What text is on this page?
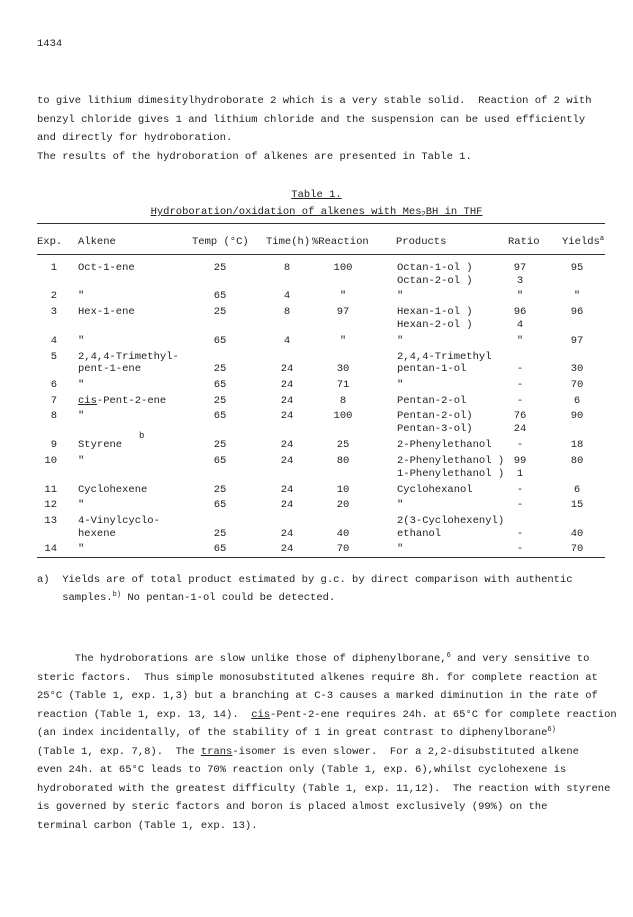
1434
to give lithium dimesitylhydroborate 2 which is a very stable solid.  Reaction of 2 with
benzyl chloride gives 1 and lithium chloride and the suspension can be used efficiently
and directly for hydroboration.
The results of the hydroboration of alkenes are presented in Table 1.
Table 1.
Hydroboration/oxidation of alkenes with Mes$_2$BH in THF
Exp. Alkene	Temp (°C) Time(h) %Reaction	Products	Ratio Yields$^a$
1 Oct-1-ene	25	8	100	Octan-1-ol )	97	95
Octan-2-ol )	3
2 "	65	4	"	"	"	"
3 Hex-1-ene	25	8	97	Hexan-1-ol )	96	96
Hexan-2-ol )	4
4 "	65	4	"	"	"	97
5 2,4,4-Trimethyl-	2,4,4-Trimethyl
pent-1-ene	25	24	30	pentan-1-ol	-	30
6 "	65	24	71	"	-	70
7 cis-Pent-2-ene	25	24	8	Pentan-2-ol	-	6
8 "	65	24	100	Pentan-2-ol)	76	90
Pentan-3-ol)	24
9 Styrene	25	24	25	2-Phenylethanol	-	18
10 "	65	24	80	2-Phenylethanol ) 99	80
1-Phenylethanol )	1
11 Cyclohexene	25	24	10	Cyclohexanol	-	6
12 "	65	24	20	"	-	15
13 4-Vinylcyclo-	2(3-Cyclohexenyl)
hexene	25	24	40	ethanol	-	40
14 "	65	24	70	"	-	70
b
a)  Yields are of total product estimated by g.c. by direct comparison with authentic
samples.$^{b)}$ No pentan-1-ol could be detected.
The hydroborations are slow unlike those of diphenylborane,$^6$ and very sensitive to
steric factors.  Thus simple monosubstituted alkenes require 8h. for complete reaction at
25°C (Table 1, exp. 1,3) but a branching at C-3 causes a marked diminution in the rate of
reaction (Table 1, exp. 13, 14). cis-Pent-2-ene requires 24h. at 65°C for complete reaction
(an index incidentally, of the stability of 1 in great contrast to diphenylborane$^{6)}$
(Table 1, exp. 7,8).  The trans-isomer is even slower.  For a 2,2-disubstituted alkene
even 24h. at 65°C leads to 70% reaction only (Table 1, exp. 6),whilst cyclohexene is
hydroborated with the greatest difficulty (Table 1, exp. 11,12).  The reaction with styrene
is governed by steric factors and boron is placed almost exclusively (99%) on the
terminal carbon (Table 1, exp. 13).
